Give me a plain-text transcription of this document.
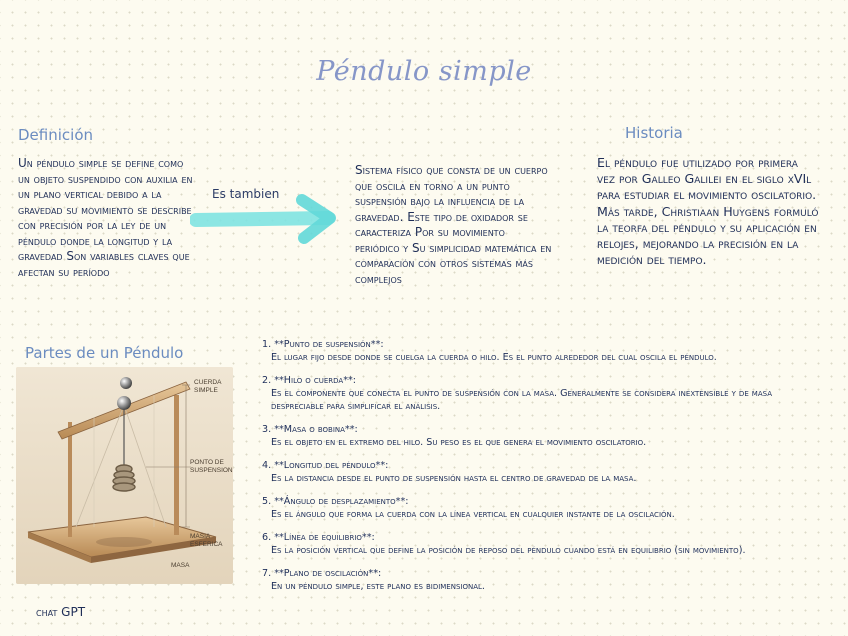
Péndulo simple
Definición
Un péndulo simple se define como un objeto suspendido con auxilia en un plano vertical debido a la gravedad su movimiento se describe con precisión por la ley de un péndulo donde la longitud y la gravedad Son variables claves que afectan su período
Es tambien
Sistema físico que consta de un cuerpo que oscila en torno a un punto suspensión bajo la influencia de la gravedad. Este tipo de oxidador se caracteriza Por su movimiento periódico y Su simplicidad matemática en comparación con otros sistemas más complejos
Historia
El péndulo fue utilizado por primera vez por Galleo Galilei en el siglo xVIl para estudiar el movimiento oscilatorio. Más tarde, Christiaan Huygens formuló la teorfa del péndulo y su aplicación en relojes, mejorando la precisión en la medición del tiempo.
Partes de un Péndulo
CUERDA
SIMPLE
PONTO DE
SUSPENSION
MASIA
ESFERICA
MASA
1. **Punto de suspensión**:
El lugar fijo desde donde se cuelga la cuerda o hilo. Es el punto alrededor del cual oscila el péndulo.
2. **Hilo o cuerda**:
Es el componente que conecta el punto de suspensión con la masa. Generalmente se considera inextensible y de masa despreciable para simplificar el análisis.
3. **Masa o bobina**:
Es el objeto en el extremo del hilo. Su peso es el que genera el movimiento oscilatorio.
4. **Longitud del péndulo**:
Es la distancia desde el punto de suspensión hasta el centro de gravedad de la masa.
5. **Ángulo de desplazamiento**:
Es el ángulo que forma la cuerda con la línea vertical en cualquier instante de la oscilación.
6. **Línea de equilibrio**:
Es la posición vertical que define la posición de reposo del péndulo cuando está en equilibrio (sin movimiento).
7. **Plano de oscilación**:
En un péndulo simple, este plano es bidimensional.
chat GPT
